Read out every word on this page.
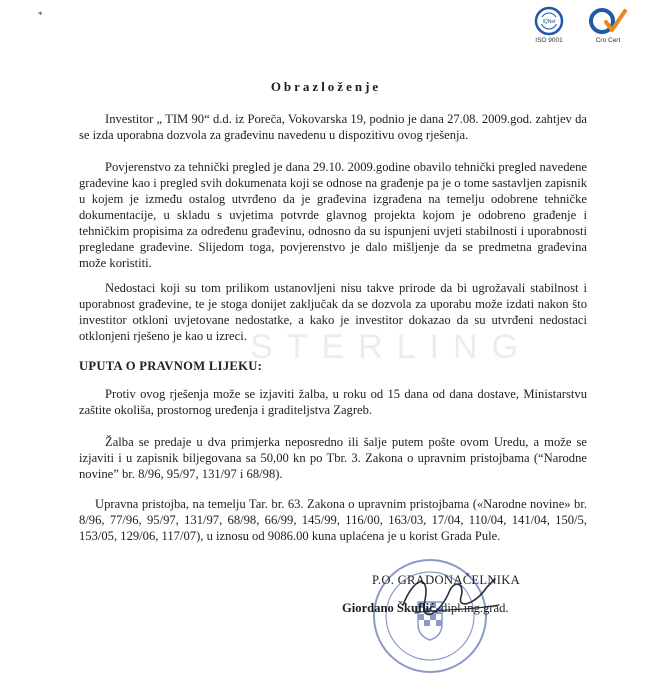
*
IQNet
ISO 9001	Cro Cert
Obrazloženje

Investitor „ TIM 90“ d.d. iz Poreča, Vokovarska 19, podnio je dana 27.08. 2009.god. zahtjev da se izda uporabna dozvola za građevinu navedenu u dispozitivu ovog rješenja.

Povjerenstvo za tehnički pregled je dana 29.10. 2009.godine obavilo tehnički pregled navedene građevine kao i pregled svih dokumenata koji se odnose na građenje pa je o tome sastavljen zapisnik u kojem je između ostalog utvrđeno da je građevina izgrađena na temelju odobrene tehničke dokumentacije, u skladu s uvjetima potvrde glavnog projekta kojom je odobreno građenje i tehničkim propisima za određenu građevinu, odnosno da su ispunjeni uvjeti stabilnosti i uporabnosti pregledane građevine. Slijedom toga, povjerenstvo je dalo mišljenje da se predmetna građevina može koristiti.

Nedostaci koji su tom prilikom ustanovljeni nisu takve prirode da bi ugrožavali stabilnost i uporabnost građevine, te je stoga donijet zaključak da se dozvola za uporabu može izdati nakon što investitor otkloni uvjetovane nedostatke, a kako je investitor dokazao da su utvrđeni nedostaci otklonjeni rješeno je kao u izreci. STERLING
UPUTA O PRAVNOM LIJEKU:

Protiv ovog rješenja može se izjaviti žalba, u roku od 15 dana od dana dostave, Ministarstvu zaštite okoliša, prostornog uređenja i graditeljstva Zagreb.

Žalba se predaje u dva primjerka neposredno ili šalje putem pošte ovom Uredu, a može se izjaviti i u zapisnik biljegovana sa 50,00 kn po Tbr. 3. Zakona o upravnim pristojbama (“Narodne novine” br. 8/96, 95/97, 131/97 i 68/98).

Upravna pristojba, na temelju Tar. br. 63. Zakona o upravnim pristojbama («Narodne novine» br. 8/96, 77/96, 95/97, 131/97, 68/98, 66/99, 145/99, 116/00, 163/03, 17/04, 110/04, 141/04, 150/5, 153/05, 129/06, 117/07), u iznosu od 9086.00 kuna uplaćena je u korist Grada Pule.

P.O. GRADONAČELNIKA
Giordano Škuflić, dipl.ing.grad.
